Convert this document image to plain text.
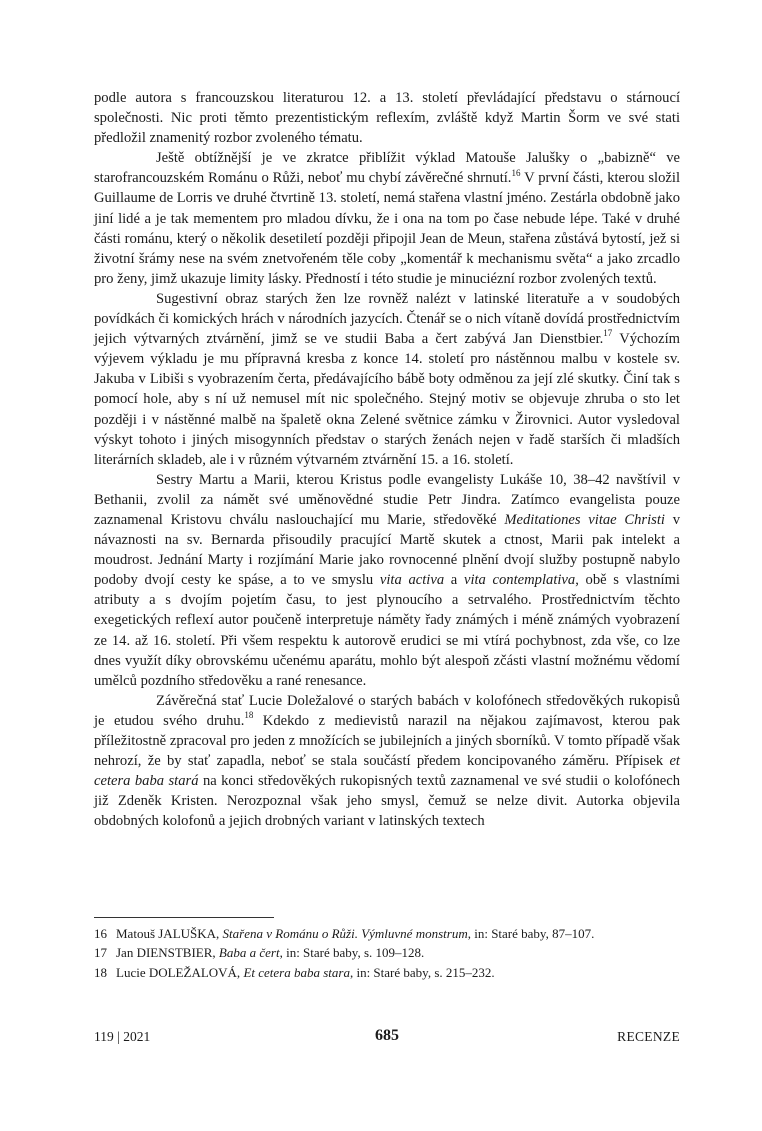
podle autora s francouzskou literaturou 12. a 13. století převládající představu o stárnoucí společnosti. Nic proti těmto prezentistickým reflexím, zvláště když Martin Šorm ve své stati předložil znamenitý rozbor zvoleného tématu.

Ještě obtížnější je ve zkratce přiblížit výklad Matouše Jalušky o „babizně“ ve starofrancouzském Románu o Růži, neboť mu chybí závěrečné shrnutí.$^{16}$ V první části, kterou složil Guillaume de Lorris ve druhé čtvrtině 13. století, nemá stařena vlastní jméno. Zestárla obdobně jako jiní lidé a je tak mementem pro mladou dívku, že i ona na tom po čase nebude lépe. Také v druhé části románu, který o několik desetiletí později připojil Jean de Meun, stařena zůstává bytostí, jež si životní šrámy nese na svém znetvořeném těle coby „komentář k mechanismu světa“ a jako zrcadlo pro ženy, jimž ukazuje limity lásky. Předností i této studie je minuciézní rozbor zvolených textů.

Sugestivní obraz starých žen lze rovněž nalézt v latinské literatuře a v soudobých povídkách či komických hrách v národních jazycích. Čtenář se o nich vítaně dovídá prostřednictvím jejich výtvarných ztvárnění, jimž se ve studii Baba a čert zabývá Jan Dienstbier.$^{17}$ Výchozím výjevem výkladu je mu přípravná kresba z konce 14. století pro nástěnnou malbu v kostele sv. Jakuba v Libiši s vyobrazením čerta, předávajícího bábě boty odměnou za její zlé skutky. Činí tak s pomocí hole, aby s ní už nemusel mít nic společného. Stejný motiv se objevuje zhruba o sto let později i v nástěnné malbě na špaletě okna Zelené světnice zámku v Žirovnici. Autor vysledoval výskyt tohoto i jiných misogynních představ o starých ženách nejen v řadě starších či mladších literárních skladeb, ale i v různém výtvarném ztvárnění 15. a 16. století.

Sestry Martu a Marii, kterou Kristus podle evangelisty Lukáše 10, 38–42 navštívil v Bethanii, zvolil za námět své uměnovědné studie Petr Jindra. Zatímco evangelista pouze zaznamenal Kristovu chválu naslouchající mu Marie, středověké Meditationes vitae Christi v návaznosti na sv. Bernarda přisoudily pracující Martě skutek a ctnost, Marii pak intelekt a moudrost. Jednání Marty i rozjímání Marie jako rovnocenné plnění dvojí služby postupně nabylo podoby dvojí cesty ke spáse, a to ve smyslu vita activa a vita contemplativa, obě s vlastními atributy a s dvojím pojetím času, to jest plynoucího a setrvalého. Prostřednictvím těchto exegetických reflexí autor poučeně interpretuje náměty řady známých i méně známých vyobrazení ze 14. až 16. století. Při všem respektu k autorově erudici se mi vtírá pochybnost, zda vše, co lze dnes využít díky obrovskému učenému aparátu, mohlo být alespoň zčásti vlastní možnému vědomí umělců pozdního středověku a rané renesance.

Závěrečná stať Lucie Doležalové o starých babách v kolofónech středověkých rukopisů je etudou svého druhu.$^{18}$ Kdekdo z medievistů narazil na nějakou zajímavost, kterou pak příležitostně zpracoval pro jeden z množících se jubilejních a jiných sborníků. V tomto případě však nehrozí, že by stať zapadla, neboť se stala součástí předem koncipovaného záměru. Přípisek et cetera baba stará na konci středověkých rukopisných textů zaznamenal ve své studii o kolofónech již Zdeněk Kristen. Nerozpoznal však jeho smysl, čemuž se nelze divit. Autorka objevila obdobných kolofonů a jejich drobných variant v latinských textech

16 Matouš JALUŠKA, Stařena v Románu o Růži. Výmluvné monstrum, in: Staré baby, 87–107.

17 Jan DIENSTBIER, Baba a čert, in: Staré baby, s. 109–128.

18 Lucie DOLEŽALOVÁ, Et cetera baba stara, in: Staré baby, s. 215–232.

119 | 2021	685	RECENZE
